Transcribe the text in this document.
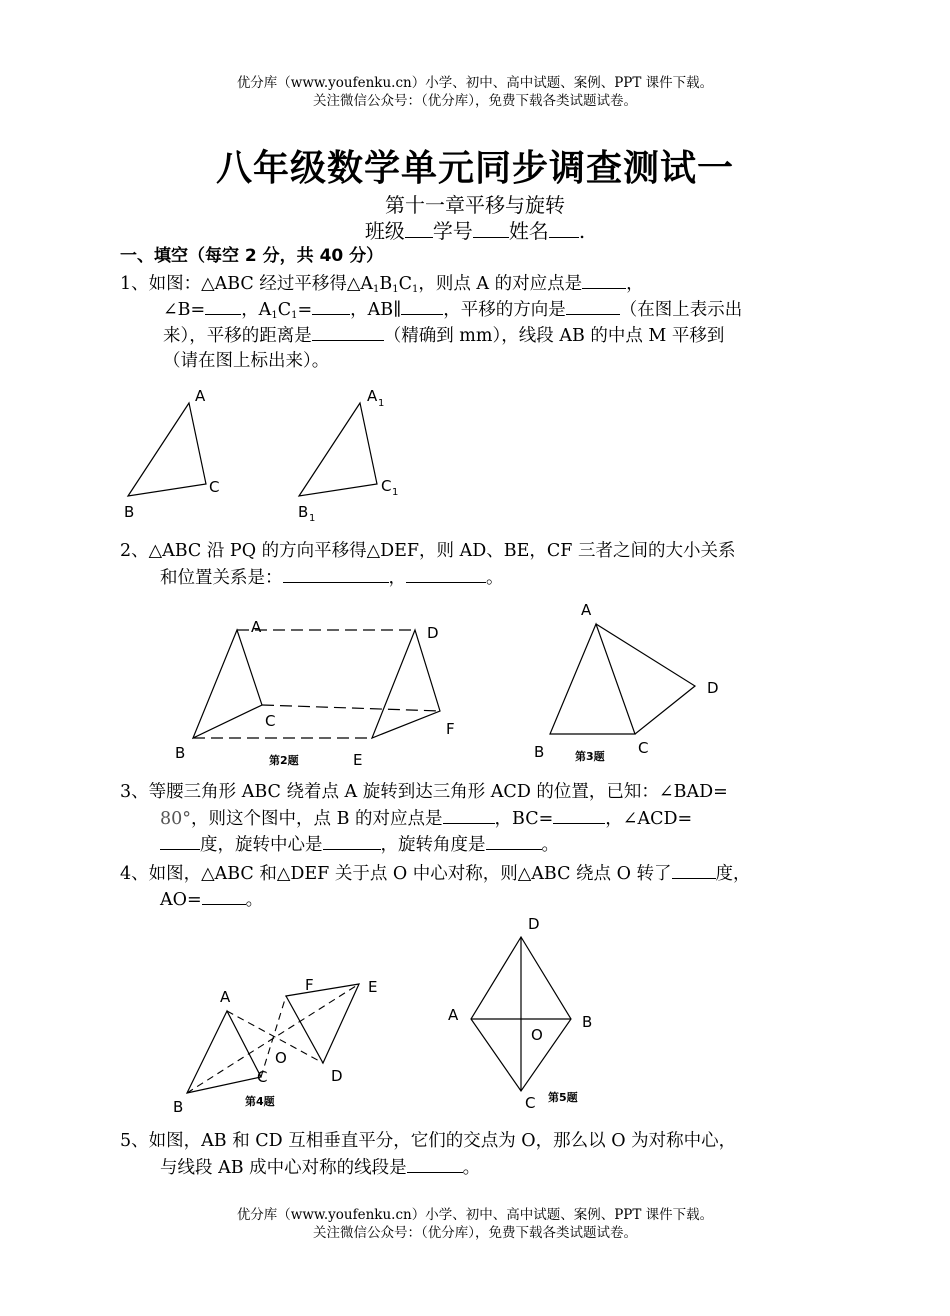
优分库（www.youfenku.cn）小学、初中、高中试题、案例、PPT 课件下载。
关注微信公众号：（优分库），免费下载各类试题试卷。
八年级数学单元同步调查测试一
第十一章平移与旋转
班级 学号 姓名 .
一、填空（每空 2 分，共 40 分）
1、如图：△ABC 经过平移得$\triangle A_1B_1C_1$，则点 A 的对应点是	，
∠B= ，$A_1C_1=$ ，AB∥ ，平移的方向是	（在图上表示出
来），平移的距离是	（精确到 mm），线段 AB 的中点 M 平移到
（请在图上标出来）。
A
B
C
A 1
B 1
C 1
2、△ABC 沿 PQ 的方向平移得△DEF，则 AD、BE，CF 三者之间的大小关系
和位置关系是：	，	。
A
B
C
D
E
F
第2题
A
B	C
D
第3题
3、等腰三角形 ABC 绕着点 A 旋转到达三角形 ACD 的位置，已知：∠BAD=
80°，则这个图中，点 B 的对应点是	，BC=	，∠ACD=
度，旋转中心是	，旋转角度是	。
4、如图，△ABC 和△DEF 关于点 O 中心对称，则△ABC 绕点 O 转了	度，
AO=	。
A
B
C	D
E
F
O
第4题
D
A	B
C
O
第5题
5、如图，AB 和 CD 互相垂直平分，它们的交点为 O，那么以 O 为对称中心，
与线段 AB 成中心对称的线段是	。
优分库（www.youfenku.cn）小学、初中、高中试题、案例、PPT 课件下载。
关注微信公众号：（优分库），免费下载各类试题试卷。
